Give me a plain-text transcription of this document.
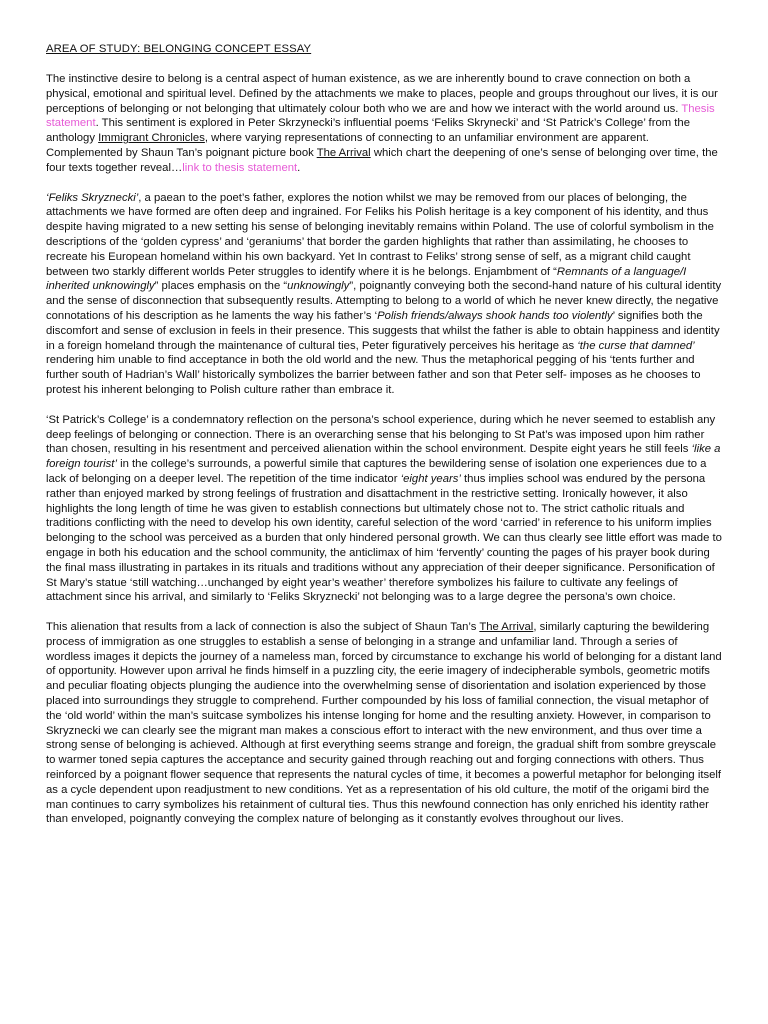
AREA OF STUDY: BELONGING CONCEPT ESSAY

The instinctive desire to belong is a central aspect of human existence, as we are inherently bound to crave connection on both a physical, emotional and spiritual level. Defined by the attachments we make to places, people and groups throughout our lives, it is our perceptions of belonging or not belonging that ultimately colour both who we are and how we interact with the world around us. Thesis statement. This sentiment is explored in Peter Skrzynecki’s influential poems ‘Feliks Skrynecki’ and ‘St Patrick’s College’ from the anthology Immigrant Chronicles, where varying representations of connecting to an unfamiliar environment are apparent. Complemented by Shaun Tan’s poignant picture book The Arrival which chart the deepening of one’s sense of belonging over time, the four texts together reveal…link to thesis statement.

‘Feliks Skryznecki’, a paean to the poet’s father, explores the notion whilst we may be removed from our places of belonging, the attachments we have formed are often deep and ingrained. For Feliks his Polish heritage is a key component of his identity, and thus despite having migrated to a new setting his sense of belonging inevitably remains within Poland. The use of colorful symbolism in the descriptions of the ‘golden cypress’ and ‘geraniums’ that border the garden highlights that rather than assimilating, he chooses to recreate his European homeland within his own backyard. Yet In contrast to Feliks’ strong sense of self, as a migrant child caught between two starkly different worlds Peter struggles to identify where it is he belongs. Enjambment of “Remnants of a language/I inherited unknowingly” places emphasis on the “unknowingly”, poignantly conveying both the second-hand nature of his cultural identity and the sense of disconnection that subsequently results. Attempting to belong to a world of which he never knew directly, the negative connotations of his description as he laments the way his father’s ‘Polish friends/always shook hands too violently’ signifies both the discomfort and sense of exclusion in feels in their presence. This suggests that whilst the father is able to obtain happiness and identity in a foreign homeland through the maintenance of cultural ties, Peter figuratively perceives his heritage as ‘the curse that damned’ rendering him unable to find acceptance in both the old world and the new. Thus the metaphorical pegging of his ‘tents further and further south of Hadrian’s Wall’ historically symbolizes the barrier between father and son that Peter self- imposes as he chooses to protest his inherent belonging to Polish culture rather than embrace it.

‘St Patrick’s College’ is a condemnatory reflection on the persona’s school experience, during which he never seemed to establish any deep feelings of belonging or connection. There is an overarching sense that his belonging to St Pat’s was imposed upon him rather than chosen, resulting in his resentment and perceived alienation within the school environment. Despite eight years he still feels ‘like a foreign tourist’ in the college’s surrounds, a powerful simile that captures the bewildering sense of isolation one experiences due to a lack of belonging on a deeper level. The repetition of the time indicator ‘eight years’ thus implies school was endured by the persona rather than enjoyed marked by strong feelings of frustration and disattachment in the restrictive setting. Ironically however, it also highlights the long length of time he was given to establish connections but ultimately chose not to. The strict catholic rituals and traditions conflicting with the need to develop his own identity, careful selection of the word ‘carried’ in reference to his uniform implies belonging to the school was perceived as a burden that only hindered personal growth. We can thus clearly see little effort was made to engage in both his education and the school community, the anticlimax of him ‘fervently’ counting the pages of his prayer book during the final mass illustrating in partakes in its rituals and traditions without any appreciation of their deeper significance. Personification of St Mary’s statue ‘still watching…unchanged by eight year’s weather’ therefore symbolizes his failure to cultivate any feelings of attachment since his arrival, and similarly to ‘Feliks Skryznecki’ not belonging was to a large degree the persona’s own choice.

This alienation that results from a lack of connection is also the subject of Shaun Tan’s The Arrival, similarly capturing the bewildering process of immigration as one struggles to establish a sense of belonging in a strange and unfamiliar land. Through a series of wordless images it depicts the journey of a nameless man, forced by circumstance to exchange his world of belonging for a distant land of opportunity. However upon arrival he finds himself in a puzzling city, the eerie imagery of indecipherable symbols, geometric motifs and peculiar floating objects plunging the audience into the overwhelming sense of disorientation and isolation experienced by those placed into surroundings they struggle to comprehend. Further compounded by his loss of familial connection, the visual metaphor of the ‘old world’ within the man’s suitcase symbolizes his intense longing for home and the resulting anxiety. However, in comparison to Skryznecki we can clearly see the migrant man makes a conscious effort to interact with the new environment, and thus over time a strong sense of belonging is achieved. Although at first everything seems strange and foreign, the gradual shift from sombre greyscale to warmer toned sepia captures the acceptance and security gained through reaching out and forging connections with others. Thus reinforced by a poignant flower sequence that represents the natural cycles of time, it becomes a powerful metaphor for belonging itself as a cycle dependent upon readjustment to new conditions. Yet as a representation of his old culture, the motif of the origami bird the man continues to carry symbolizes his retainment of cultural ties. Thus this newfound connection has only enriched his identity rather than enveloped, poignantly conveying the complex nature of belonging as it constantly evolves throughout our lives.
